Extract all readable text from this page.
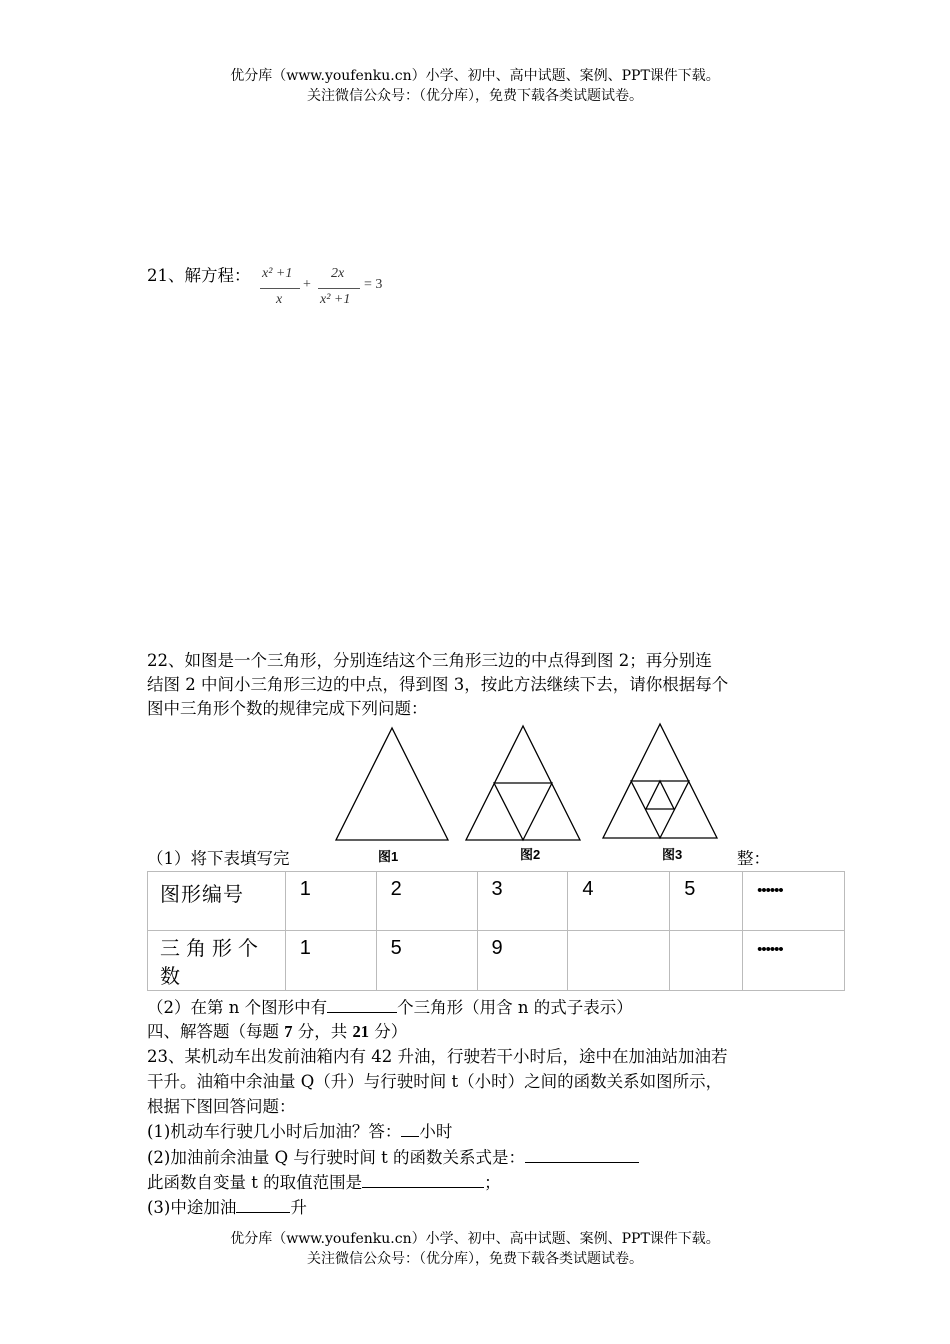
优分库（www.youfenku.cn）小学、初中、高中试题、案例、PPT课件下载。
关注微信公众号：（优分库），免费下载各类试题试卷。
21、解方程： x² +1
x
+
2x
x² +1
= 3
22、如图是一个三角形，分别连结这个三角形三边的中点得到图 2；再分别连
结图 2 中间小三角形三边的中点，得到图 3，按此方法继续下去，请你根据每个
图中三角形个数的规律完成下列问题：
图1	图2	图3
（1）将下表填写完	整：
图形编号	1	2	3	4	5	••••••
三角形个数	1	5	9			••••••
（2）在第 n 个图形中有	个三角形（用含 n 的式子表示）
四、解答题（每题 7 分，共 21 分）
23、某机动车出发前油箱内有 42 升油，行驶若干小时后，途中在加油站加油若
干升。油箱中余油量 Q（升）与行驶时间 t（小时）之间的函数关系如图所示，
根据下图回答问题：
(1)机动车行驶几小时后加油？答： 小时
(2)加油前余油量 Q 与行驶时间 t 的函数关系式是：
此函数自变量 t 的取值范围是	；
(3)中途加油	升
优分库（www.youfenku.cn）小学、初中、高中试题、案例、PPT课件下载。
关注微信公众号：（优分库），免费下载各类试题试卷。
